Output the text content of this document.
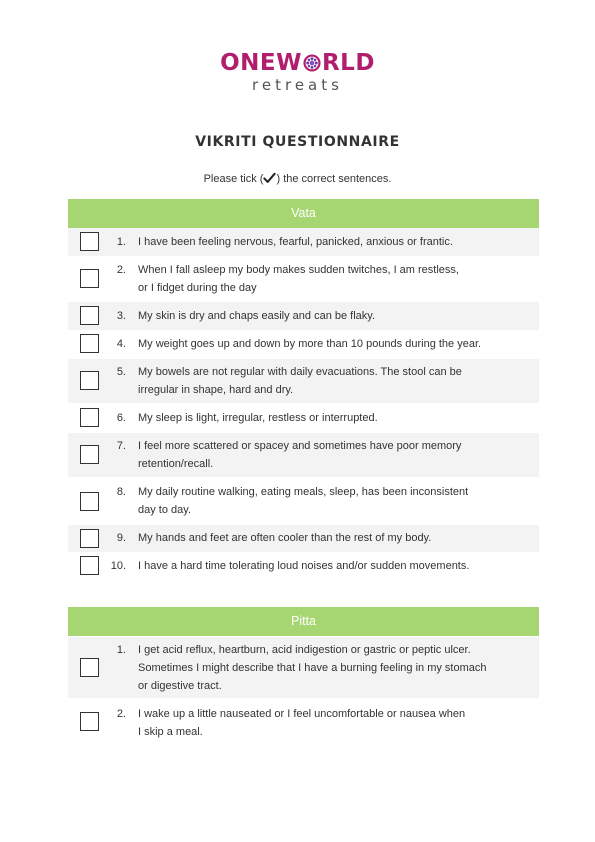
ONEW RLD
retreats
VIKRITI QUESTIONNAIRE
Please tick ( ) the correct sentences.
Vata
1. I have been feeling nervous, fearful, panicked, anxious or frantic.
2. When I fall asleep my body makes sudden twitches, I am restless,
or I fidget during the day
3. My skin is dry and chaps easily and can be flaky.
4. My weight goes up and down by more than 10 pounds during the year.
5. My bowels are not regular with daily evacuations. The stool can be
irregular in shape, hard and dry.
6. My sleep is light, irregular, restless or interrupted.
7. I feel more scattered or spacey and sometimes have poor memory
retention/recall.
8. My daily routine walking, eating meals, sleep, has been inconsistent
day to day.
9. My hands and feet are often cooler than the rest of my body.
10. I have a hard time tolerating loud noises and/or sudden movements.
Pitta
1. I get acid reflux, heartburn, acid indigestion or gastric or peptic ulcer.
Sometimes I might describe that I have a burning feeling in my stomach
or digestive tract.
2. I wake up a little nauseated or I feel uncomfortable or nausea when
I skip a meal.
